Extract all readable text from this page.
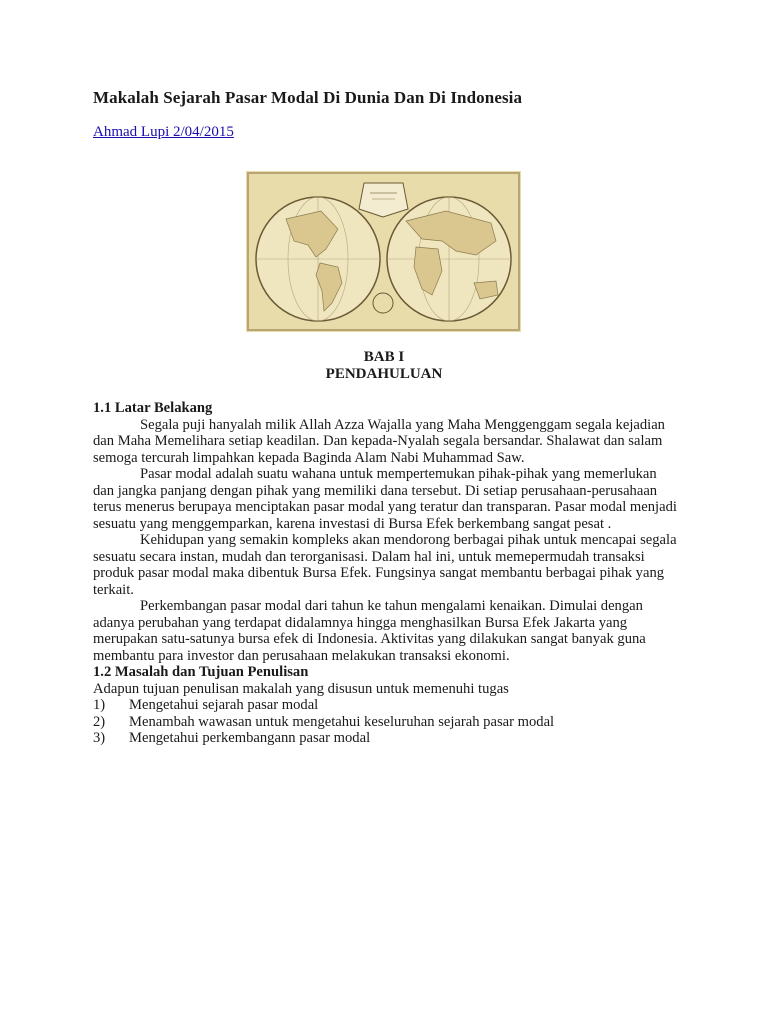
Makalah Sejarah Pasar Modal Di Dunia Dan Di Indonesia
Ahmad Lupi 2/04/2015
BAB I
PENDAHULUAN

1.1 Latar Belakang

Segala puji hanyalah milik Allah Azza Wajalla yang Maha Menggenggam segala kejadian dan Maha Memelihara setiap keadilan. Dan kepada-Nyalah segala bersandar. Shalawat dan salam semoga tercurah limpahkan kepada Baginda Alam Nabi Muhammad Saw.

Pasar modal adalah suatu wahana untuk mempertemukan pihak-pihak yang memerlukan dan jangka panjang dengan pihak yang memiliki dana tersebut. Di setiap perusahaan-perusahaan terus menerus berupaya menciptakan pasar modal yang teratur dan transparan. Pasar modal menjadi sesuatu yang menggemparkan, karena investasi di Bursa Efek berkembang sangat pesat .

Kehidupan yang semakin kompleks akan mendorong berbagai pihak untuk mencapai segala sesuatu secara instan, mudah dan terorganisasi. Dalam hal ini, untuk memepermudah transaksi produk pasar modal maka dibentuk Bursa Efek. Fungsinya sangat membantu berbagai pihak yang terkait.

Perkembangan pasar modal dari tahun ke tahun mengalami kenaikan. Dimulai dengan adanya perubahan yang terdapat didalamnya hingga menghasilkan Bursa Efek Jakarta yang merupakan satu-satunya bursa efek di Indonesia. Aktivitas yang dilakukan sangat banyak guna membantu para investor dan perusahaan melakukan transaksi ekonomi.

1.2 Masalah dan Tujuan Penulisan

Adapun tujuan penulisan makalah yang disusun untuk memenuhi tugas

1)	Mengetahui sejarah pasar modal
2)	Menambah wawasan untuk mengetahui keseluruhan sejarah pasar modal
3)	Mengetahui perkembangann pasar modal
